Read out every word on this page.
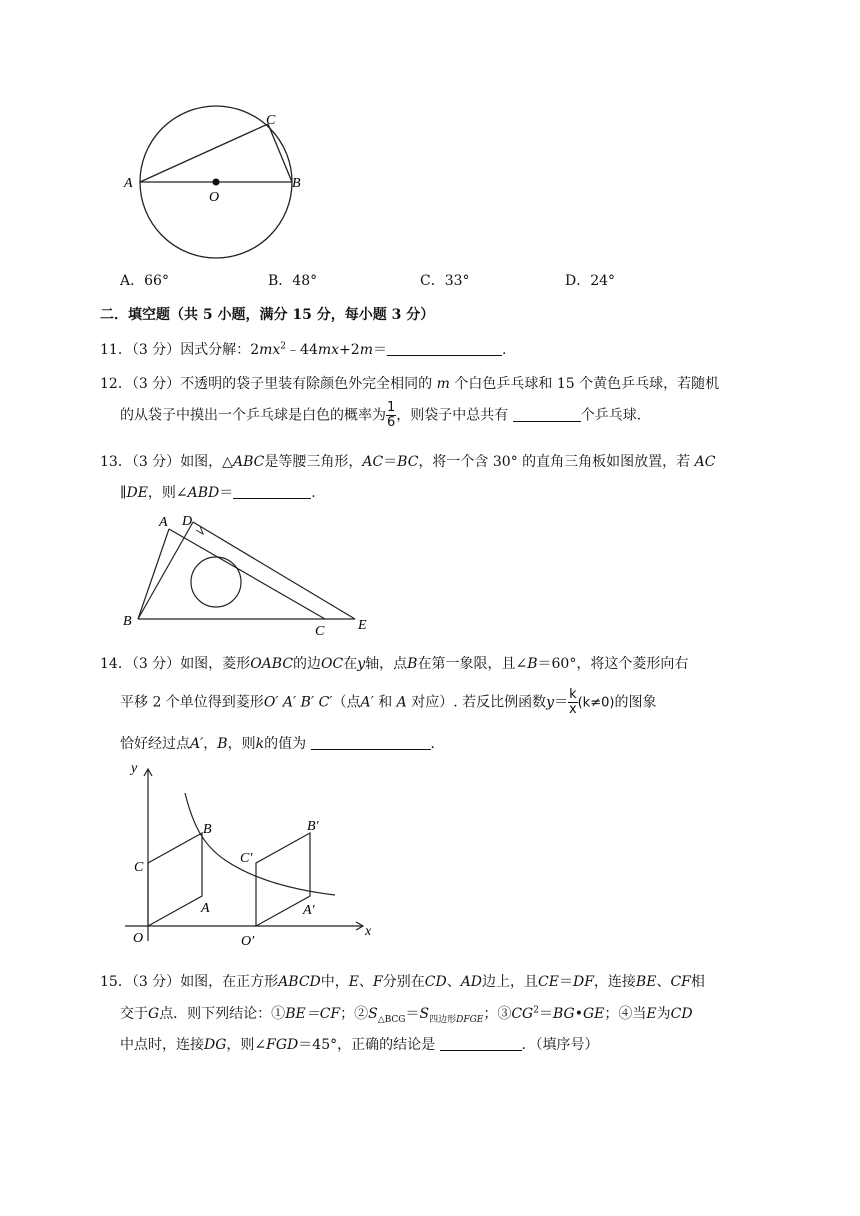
A
O
B
C
A．66°	B．48°	C．33°	D．24°
二．填空题（共 5 小题，满分 15 分，每小题 3 分）
11．（3 分）因式分解：$2mx^2﹣44mx+2m=$	.
12．（3 分）不透明的袋子里装有除颜色外完全相同的 m 个白色乒乓球和 15 个黄色乒乓球，若随机
的从袋子中摸出一个乒乓球是白色的概率为 $\frac{1}{6}$ ，则袋子中总共有	个乒乓球.
13．（3 分）如图，△ABC是等腰三角形，AC＝BC，将一个含 30° 的直角三角板如图放置，若 AC
∥DE，则∠ABD＝	.
A D
B
C E
14．（3 分）如图，菱形OABC的边OC在y轴，点B在第一象限，且∠B＝60°，将这个菱形向右
平移 2 个单位得到菱形O′ A′ B′ C′（点A′ 和 A 对应）. 若反比例函数$y= \frac{k}{x} (k\ne 0)$的图象
恰好经过点A′，B，则k的值为	.
y
x
O	O′
A	A′
B	B′
C
C′
15．（3 分）如图，在正方形ABCD中，E、F分别在CD、AD边上，且CE＝DF，连接BE、CF相
交于G点．则下列结论：①BE＝CF；$②S_{\triangle BCG}=S_{四边形DFGE}$；$③CG^2=BG•GE$；④当E为CD
中点时，连接DG，则∠FGD＝45°，正确的结论是	．（填序号）
